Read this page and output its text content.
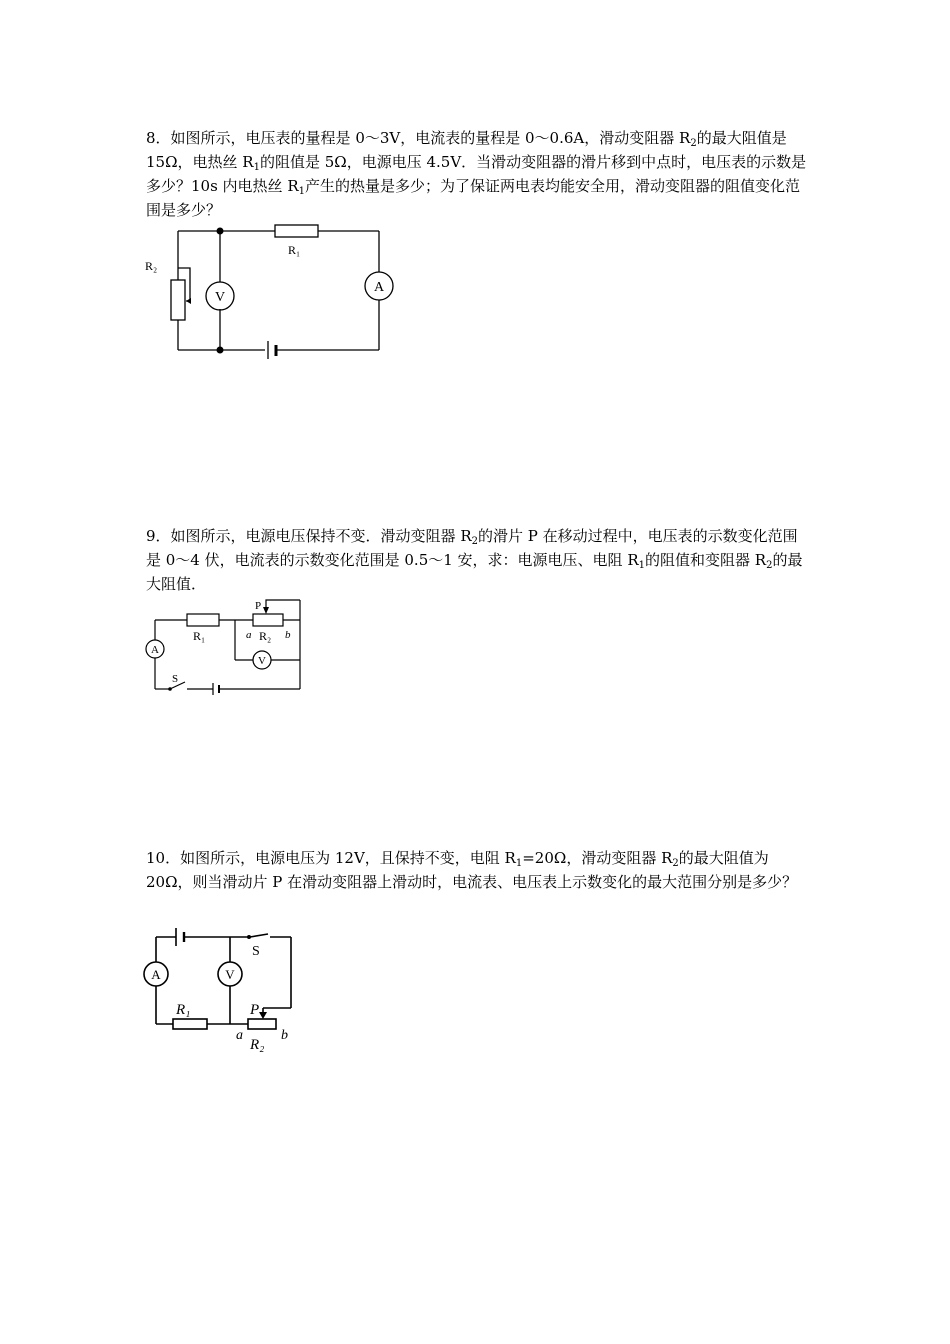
8．如图所示，电压表的量程是 0～3V，电流表的量程是 0～0.6A，滑动变阻器 $R_2$的最大阻值是 15Ω，电热丝 $R_1$的阻值是 5Ω，电源电压 4.5V．当滑动变阻器的滑片移到中点时，电压表的示数是多少？10s 内电热丝 $R_1$产生的热量是多少；为了保证两电表均能安全用，滑动变阻器的阻值变化范围是多少？

R₂
R₁
V
A

9．如图所示，电源电压保持不变．滑动变阻器 $R_2$的滑片 P 在移动过程中，电压表的示数变化范围是 0～4 伏，电流表的示数变化范围是 0.5～1 安，求：电源电压、电阻 $R_1$的阻值和变阻器 $R_2$的最大阻值．

P
R₁	a R₂ b
A
V
S

10．如图所示，电源电压为 12V，且保持不变，电阻 $R_1=20\Omega$，滑动变阻器 $R_2$的最大阻值为 20Ω，则当滑动片 P 在滑动变阻器上滑动时，电流表、电压表上示数变化的最大范围分别是多少？

S
A	V
R₁	P
a	b
R₂
